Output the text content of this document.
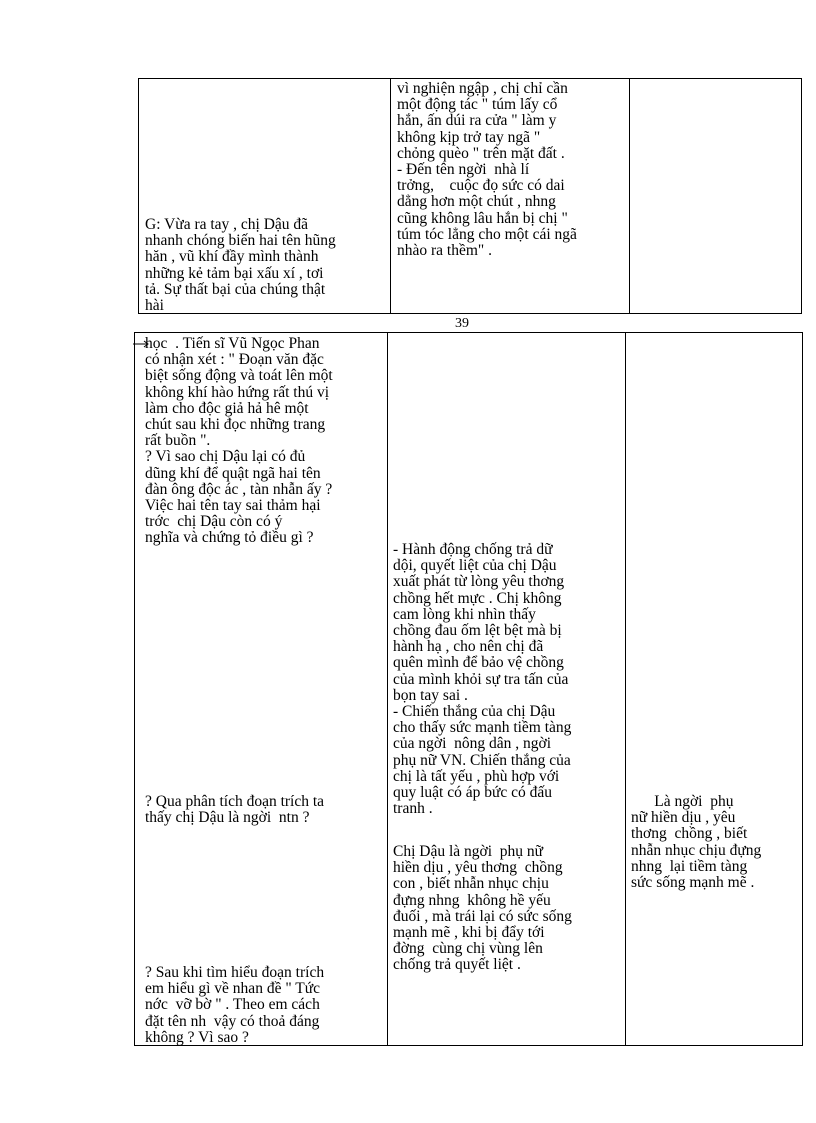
G: Vừa ra tay , chị Dậu đã
nhanh chóng biến hai tên hũng
hăn , vũ khí đầy mình thành
những kẻ tảm bại xấu xí , tơi
tả. Sự thất bại của chúng thật
hài
vì nghiện ngập , chị chỉ cần
một động tác " túm lấy cổ
hắn, ấn dúi ra cửa " làm y
không kịp trở tay ngã "
chỏng quèo " trên mặt đất .
- Đến tên ngời  nhà lí
trởng,    cuộc đọ sức có dai
dẳng hơn một chút , nhng
cũng không lâu hắn bị chị "
túm tóc lẳng cho một cái ngã
nhào ra thềm" .
39
học  . Tiến sĩ Vũ Ngọc Phan
có nhận xét : " Đoạn văn đặc
biệt sống động và toát lên một
không khí hào hứng rất thú vị
làm cho độc giả hả hê một
chút sau khi đọc những trang
rất buồn ".
? Vì sao chị Dậu lại có đủ
dũng khí để quật ngã hai tên
đàn ông độc ác , tàn nhẫn ấy ?
Việc hai tên tay sai thảm hại
trớc  chị Dậu còn có ý
nghĩa và chứng tỏ điều gì ?
? Qua phân tích đoạn trích ta
thấy chị Dậu là ngời  ntn ?
? Sau khi tìm hiểu đoạn trích
em hiểu gì về nhan đề " Tức
nớc  vỡ bờ " . Theo em cách
đặt tên nh  vậy có thoả đáng
không ? Vì sao ?
- Hành động chống trả dữ
dội, quyết liệt của chị Dậu
xuất phát từ lòng yêu thơng
chồng hết mực . Chị không
cam lòng khi nhìn thấy
chồng đau ốm lệt bệt mà bị
hành hạ , cho nên chị đã
quên mình để bảo vệ chồng
của mình khỏi sự tra tấn của
bọn tay sai .
- Chiến thắng của chị Dậu
cho thấy sức mạnh tiềm tàng
của ngời  nông dân , ngời
phụ nữ VN. Chiến thắng của
chị là tất yếu , phù hợp với
quy luật có áp bức có đấu
tranh .
Chị Dậu là ngời  phụ nữ
hiền dịu , yêu thơng  chồng
con , biết nhẫn nhục chịu
đựng nhng  không hề yếu
đuối , mà trái lại có sức sống
mạnh mẽ , khi bị đẩy tới
đờng  cùng chị vùng lên
chống trả quyết liệt .
Là ngời  phụ
nữ hiền dịu , yêu
thơng  chồng , biết
nhẫn nhục chịu đựng
nhng  lại tiềm tàng
sức sống mạnh mẽ .
